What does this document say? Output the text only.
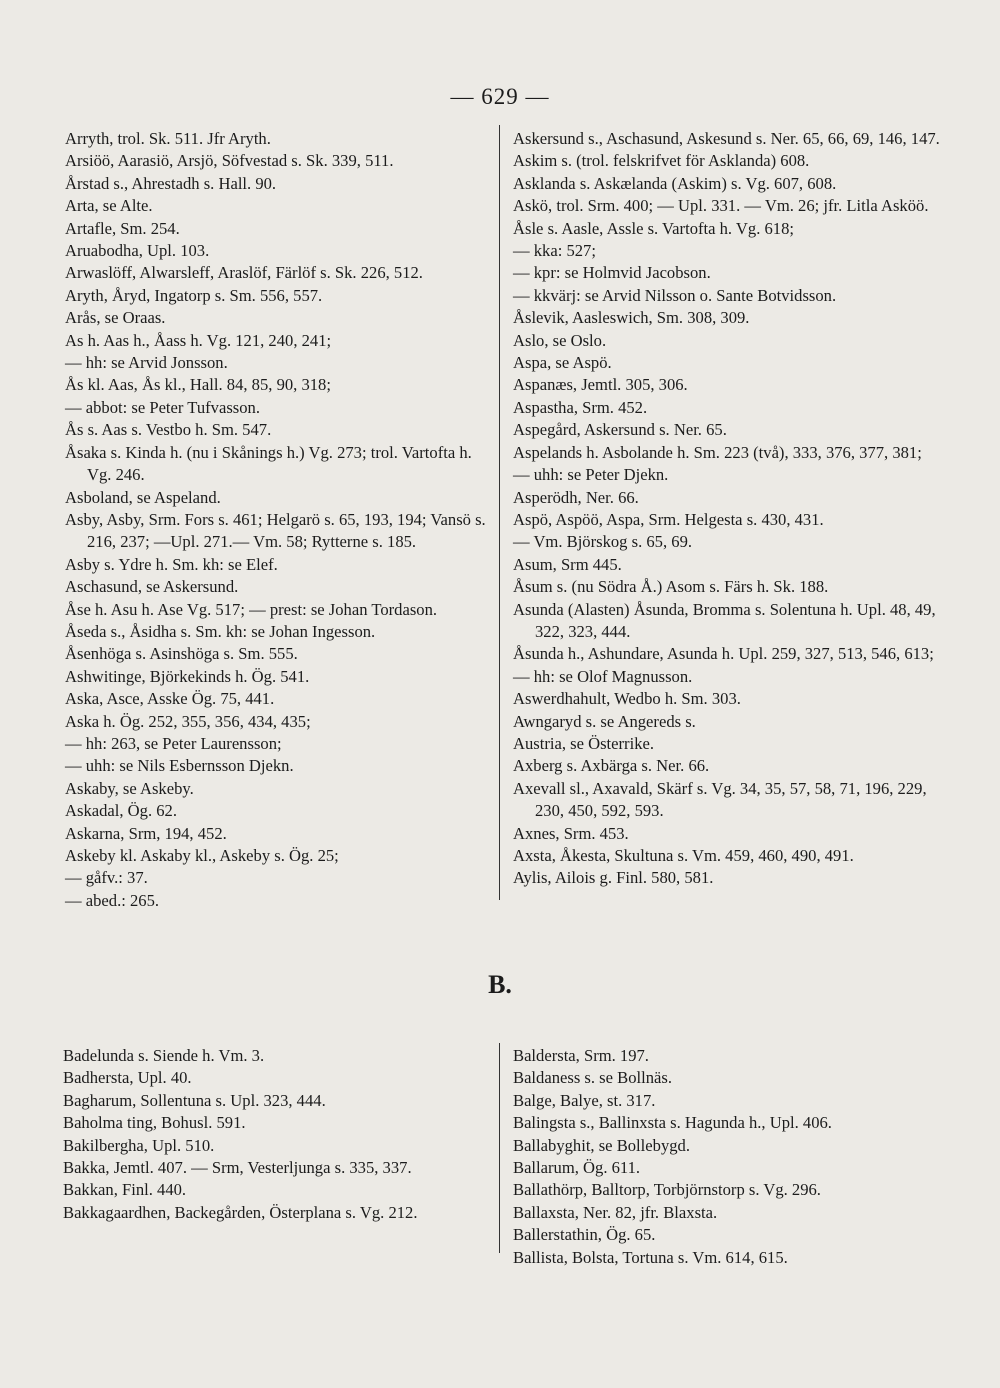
— 629 —
Arryth, trol. Sk. 511. Jfr Aryth.
Arsiöö, Aarasiö, Arsjö, Söfvestad s. Sk. 339, 511.
Årstad s., Ahrestadh s. Hall. 90.
Arta, se Alte.
Artafle, Sm. 254.
Aruabodha, Upl. 103.
Arwaslöff, Alwarsleff, Araslöf, Färlöf s. Sk. 226, 512.
Aryth, Åryd, Ingatorp s. Sm. 556, 557.
Arås, se Oraas.
As h. Aas h., Åass h. Vg. 121, 240, 241;
— hh: se Arvid Jonsson.
Ås kl. Aas, Ås kl., Hall. 84, 85, 90, 318;
— abbot: se Peter Tufvasson.
Ås s. Aas s. Vestbo h. Sm. 547.
Åsaka s. Kinda h. (nu i Skånings h.) Vg. 273; trol. Vartofta h. Vg. 246.
Asboland, se Aspeland.
Asby, Asby, Srm. Fors s. 461; Helgarö s. 65, 193, 194; Vansö s. 216, 237; —Upl. 271.— Vm. 58; Rytterne s. 185.
Asby s. Ydre h. Sm. kh: se Elef.
Aschasund, se Askersund.
Åse h. Asu h. Ase Vg. 517; — prest: se Johan Tordason.
Åseda s., Åsidha s. Sm. kh: se Johan Ingesson.
Åsenhöga s. Asinshöga s. Sm. 555.
Ashwitinge, Björkekinds h. Ög. 541.
Aska, Asce, Asske Ög. 75, 441.
Aska h. Ög. 252, 355, 356, 434, 435;
— hh: 263, se Peter Laurensson;
— uhh: se Nils Esbernsson Djekn.
Askaby, se Askeby.
Askadal, Ög. 62.
Askarna, Srm, 194, 452.
Askeby kl. Askaby kl., Askeby s. Ög. 25;
— gåfv.: 37.
— abed.: 265.
Askersund s., Aschasund, Askesund s. Ner. 65, 66, 69, 146, 147.
Askim s. (trol. felskrifvet för Asklanda) 608.
Asklanda s. Askælanda (Askim) s. Vg. 607, 608.
Askö, trol. Srm. 400; — Upl. 331. — Vm. 26; jfr. Litla Asköö.
Åsle s. Aasle, Assle s. Vartofta h. Vg. 618;
— kka: 527;
— kpr: se Holmvid Jacobson.
— kkvärj: se Arvid Nilsson o. Sante Botvidsson.
Åslevik, Aasleswich, Sm. 308, 309.
Aslo, se Oslo.
Aspa, se Aspö.
Aspanæs, Jemtl. 305, 306.
Aspastha, Srm. 452.
Aspegård, Askersund s. Ner. 65.
Aspelands h. Asbolande h. Sm. 223 (två), 333, 376, 377, 381;
— uhh: se Peter Djekn.
Asperödh, Ner. 66.
Aspö, Aspöö, Aspa, Srm. Helgesta s. 430, 431.
— Vm. Björskog s. 65, 69.
Asum, Srm 445.
Åsum s. (nu Södra Å.) Asom s. Färs h. Sk. 188.
Asunda (Alasten) Åsunda, Bromma s. Solentuna h. Upl. 48, 49, 322, 323, 444.
Åsunda h., Ashundare, Asunda h. Upl. 259, 327, 513, 546, 613;
— hh: se Olof Magnusson.
Aswerdhahult, Wedbo h. Sm. 303.
Awngaryd s. se Angereds s.
Austria, se Österrike.
Axberg s. Axbärga s. Ner. 66.
Axevall sl., Axavald, Skärf s. Vg. 34, 35, 57, 58, 71, 196, 229, 230, 450, 592, 593.
Axnes, Srm. 453.
Axsta, Åkesta, Skultuna s. Vm. 459, 460, 490, 491.
Aylis, Ailois g. Finl. 580, 581.
B.
Badelunda s. Siende h. Vm. 3.
Badhersta, Upl. 40.
Bagharum, Sollentuna s. Upl. 323, 444.
Baholma ting, Bohusl. 591.
Bakilbergha, Upl. 510.
Bakka, Jemtl. 407. — Srm, Vesterljunga s. 335, 337.
Bakkan, Finl. 440.
Bakkagaardhen, Backegården, Österplana s. Vg. 212.
Baldersta, Srm. 197.
Baldaness s. se Bollnäs.
Balge, Balye, st. 317.
Balingsta s., Ballinxsta s. Hagunda h., Upl. 406.
Ballabyghit, se Bollebygd.
Ballarum, Ög. 611.
Ballathörp, Balltorp, Torbjörnstorp s. Vg. 296.
Ballaxsta, Ner. 82, jfr. Blaxsta.
Ballerstathin, Ög. 65.
Ballista, Bolsta, Tortuna s. Vm. 614, 615.
